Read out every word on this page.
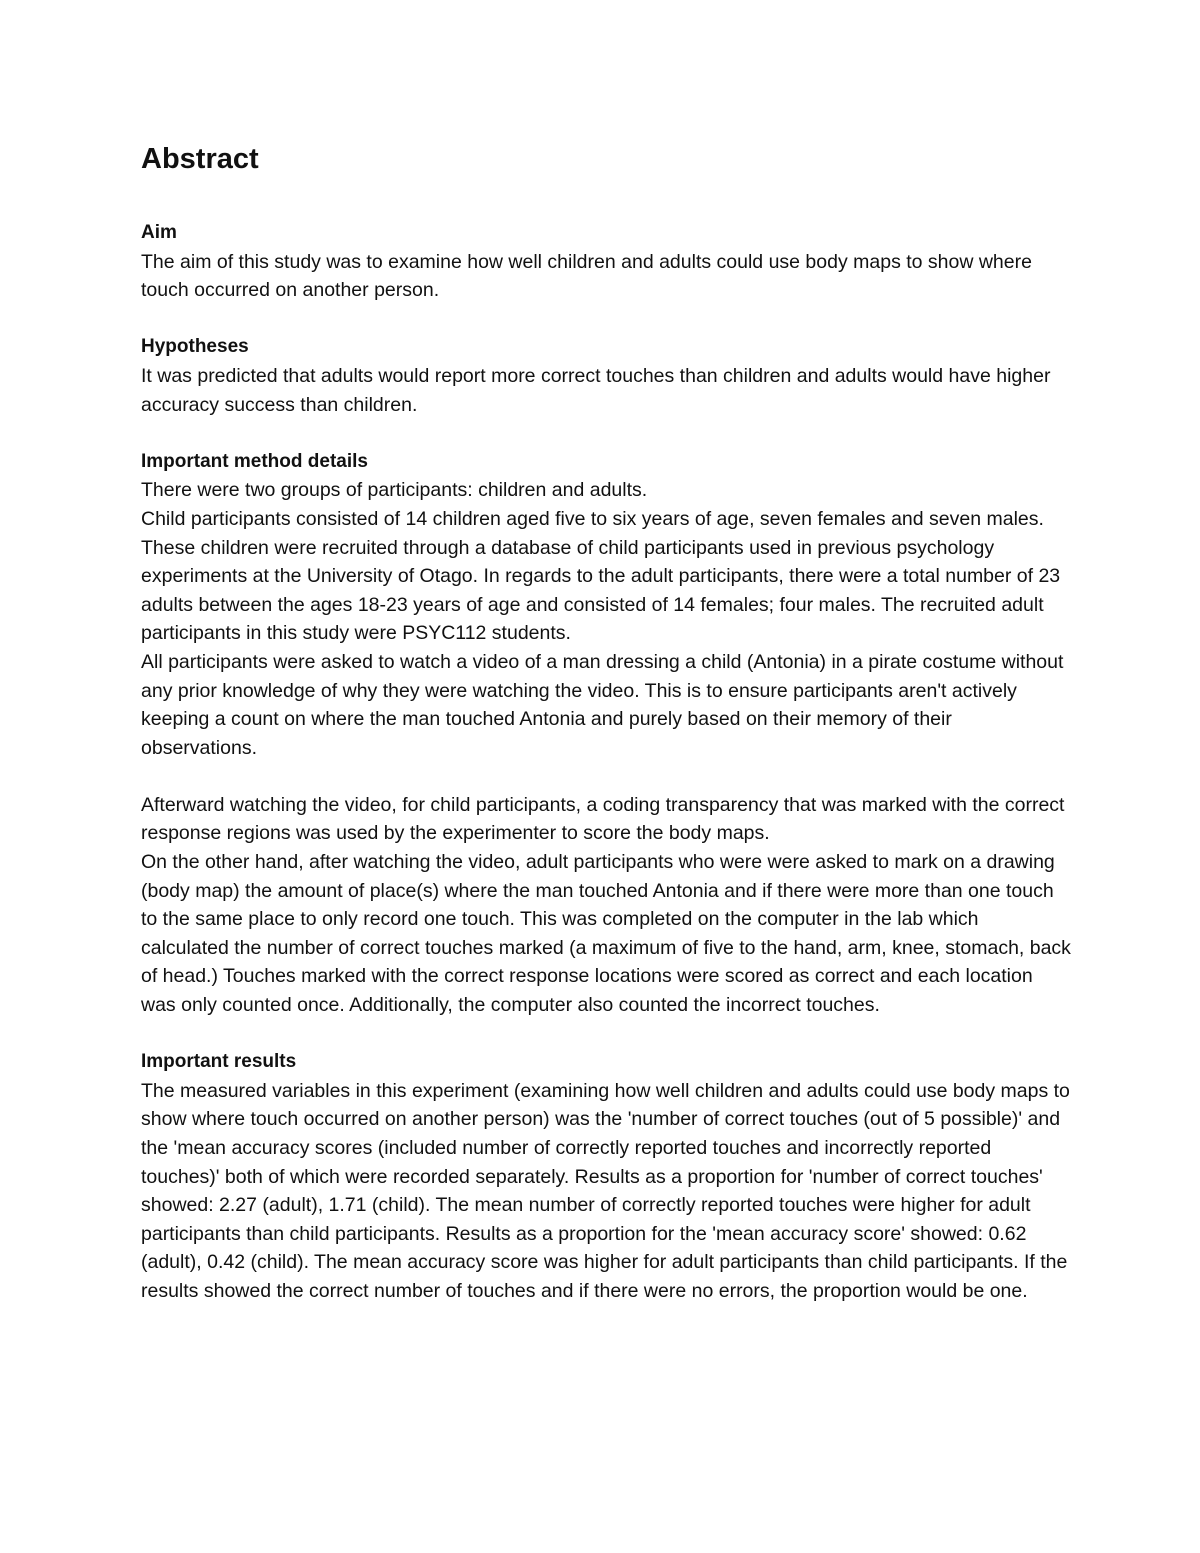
Abstract
Aim

The aim of this study was to examine how well children and adults could use body maps to show where touch occurred on another person.

Hypotheses

It was predicted that adults would report more correct touches than children and adults would have higher accuracy success than children.

Important method details

There were two groups of participants: children and adults.

Child participants consisted of 14 children aged five to six years of age, seven females and seven males. These children were recruited through a database of child participants used in previous psychology experiments at the University of Otago. In regards to the adult participants, there were a total number of 23 adults between the ages 18-23 years of age and consisted of 14 females; four males. The recruited adult participants in this study were PSYC112 students.

All participants were asked to watch a video of a man dressing a child (Antonia) in a pirate costume without any prior knowledge of why they were watching the video. This is to ensure participants aren't actively keeping a count on where the man touched Antonia and purely based on their memory of their observations.

Afterward watching the video, for child participants, a coding transparency that was marked with the correct response regions was used by the experimenter to score the body maps.

On the other hand, after watching the video, adult participants who were were asked to mark on a drawing (body map) the amount of place(s) where the man touched Antonia and if there were more than one touch to the same place to only record one touch. This was completed on the computer in the lab which calculated the number of correct touches marked (a maximum of five to the hand, arm, knee, stomach, back of head.) Touches marked with the correct response locations were scored as correct and each location was only counted once. Additionally, the computer also counted the incorrect touches.

Important results

The measured variables in this experiment (examining how well children and adults could use body maps to show where touch occurred on another person) was the 'number of correct touches (out of 5 possible)' and the 'mean accuracy scores (included number of correctly reported touches and incorrectly reported touches)' both of which were recorded separately. Results as a proportion for 'number of correct touches' showed: 2.27 (adult), 1.71 (child). The mean number of correctly reported touches were higher for adult participants than child participants. Results as a proportion for the 'mean accuracy score' showed: 0.62 (adult), 0.42 (child). The mean accuracy score was higher for adult participants than child participants. If the results showed the correct number of touches and if there were no errors, the proportion would be one.
